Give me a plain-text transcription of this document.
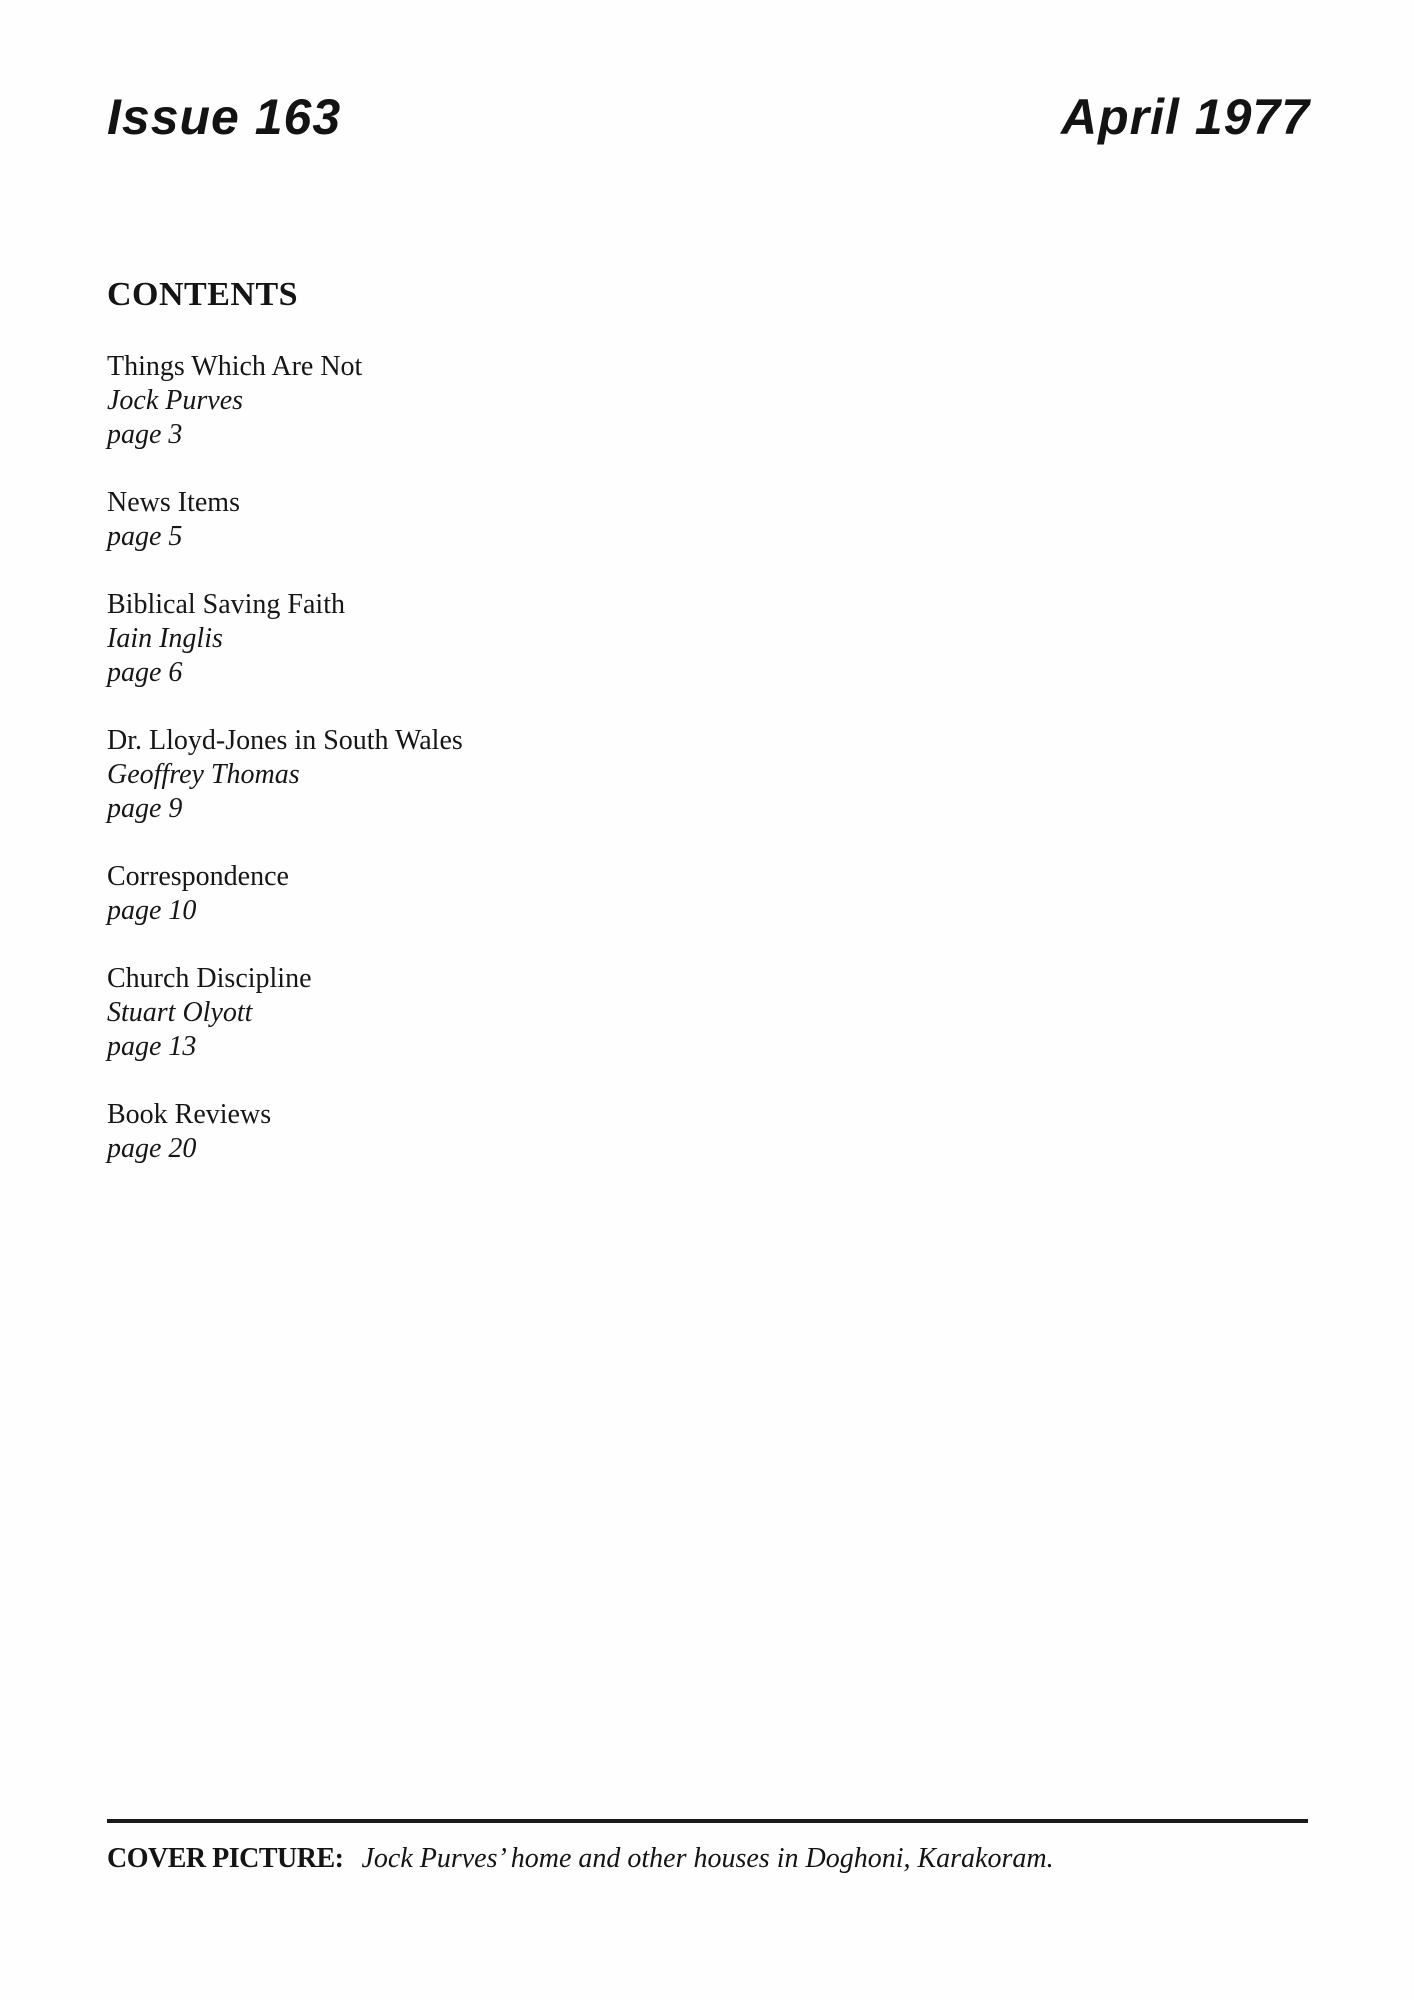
Issue 163	April 1977
CONTENTS
Things Which Are Not
Jock Purves
page 3
News Items
page 5
Biblical Saving Faith
Iain Inglis
page 6
Dr. Lloyd-Jones in South Wales
Geoffrey Thomas
page 9
Correspondence
page 10
Church Discipline
Stuart Olyott
page 13
Book Reviews
page 20
COVER PICTURE: Jock Purves’ home and other houses in Doghoni, Karakoram.
